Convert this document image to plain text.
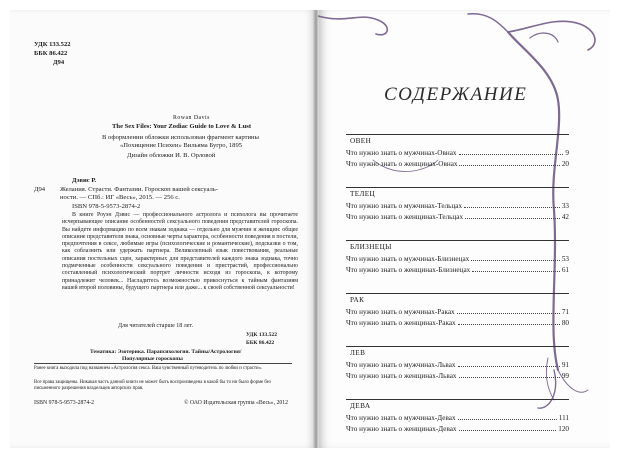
УДК 133.522
ББК 86.422
Д94
Rowan Davis
The Sex Files: Your Zodiac Guide to Love & Lust
В оформлении обложки использован фрагмент картины
«Похищение Психеи» Вильяма Бугро, 1895
Дизайн обложки И. В. Орловой
Д94
Дэвис Р.
Желания. Страсти. Фантазии. Гороскоп вашей сексуаль-
ности. — СПб.: ИГ «Весь», 2015. — 256 с.
ISBN 978-5-9573-2874-2
В книге Роуэн Дэвис — профессионального астролога и психолога вы прочитаете исчерпывающее описание особенностей сексуального поведения представителей гороскопа. Вы найдете информацию по всем знакам зодиака — отдельно для мужчин и женщин: общее описание представителя знака, основные черты характера, особенности поведения в постели, предпочтения в сексе, любимые игры (психологические и романтические), подсказки о том, как соблазнить или удержать партнера. Великолепный язык повествования, реальные описания постельных сцен, характерных для представителей каждого знака зодиака, точно подмеченные особенности сексуального поведения и пристрастий, профессионально составленный психологический портрет личности исходя из гороскопа, к которому принадлежит человек... Насладитесь возможностью прикоснуться к тайным фантазиям вашей второй половины, будущего партнера или даже... к своей собственной сексуальности!
Для читателей старше 18 лет.
УДК 133.522
ББК 86.422
Тематика: Эзотерика. Парапсихология. Тайны/Астрология/
Популярные гороскопы
Ранее книга выходила под названием «Астрология секса. Ваш чувственный путеводитель по любви и страсти».
Все права защищены. Никакая часть данной книги не может быть воспроизведена в какой бы то ни было форме без письменного разрешения владельцев авторских прав.
ISBN 978-5-9573-2874-2	© ОАО Издательская группа «Весь», 2012
СОДЕРЖАНИЕ
ОВЕН
Что нужно знать о мужчинах-Овнах	9
Что нужно знать о женщинах-Овнах	20
ТЕЛЕЦ
Что нужно знать о мужчинах-Тельцах	33
Что нужно знать о женщинах-Тельцах	42
БЛИЗНЕЦЫ
Что нужно знать о мужчинах-Близнецах	53
Что нужно знать о женщинах-Близнецах	61
РАК
Что нужно знать о мужчинах-Раках	71
Что нужно знать о женщинах-Раках	80
ЛЕВ
Что нужно знать о мужчинах-Львах	91
Что нужно знать о женщинах-Львах	99
ДЕВА
Что нужно знать о мужчинах-Девах	111
Что нужно знать о женщинах-Девах	120
